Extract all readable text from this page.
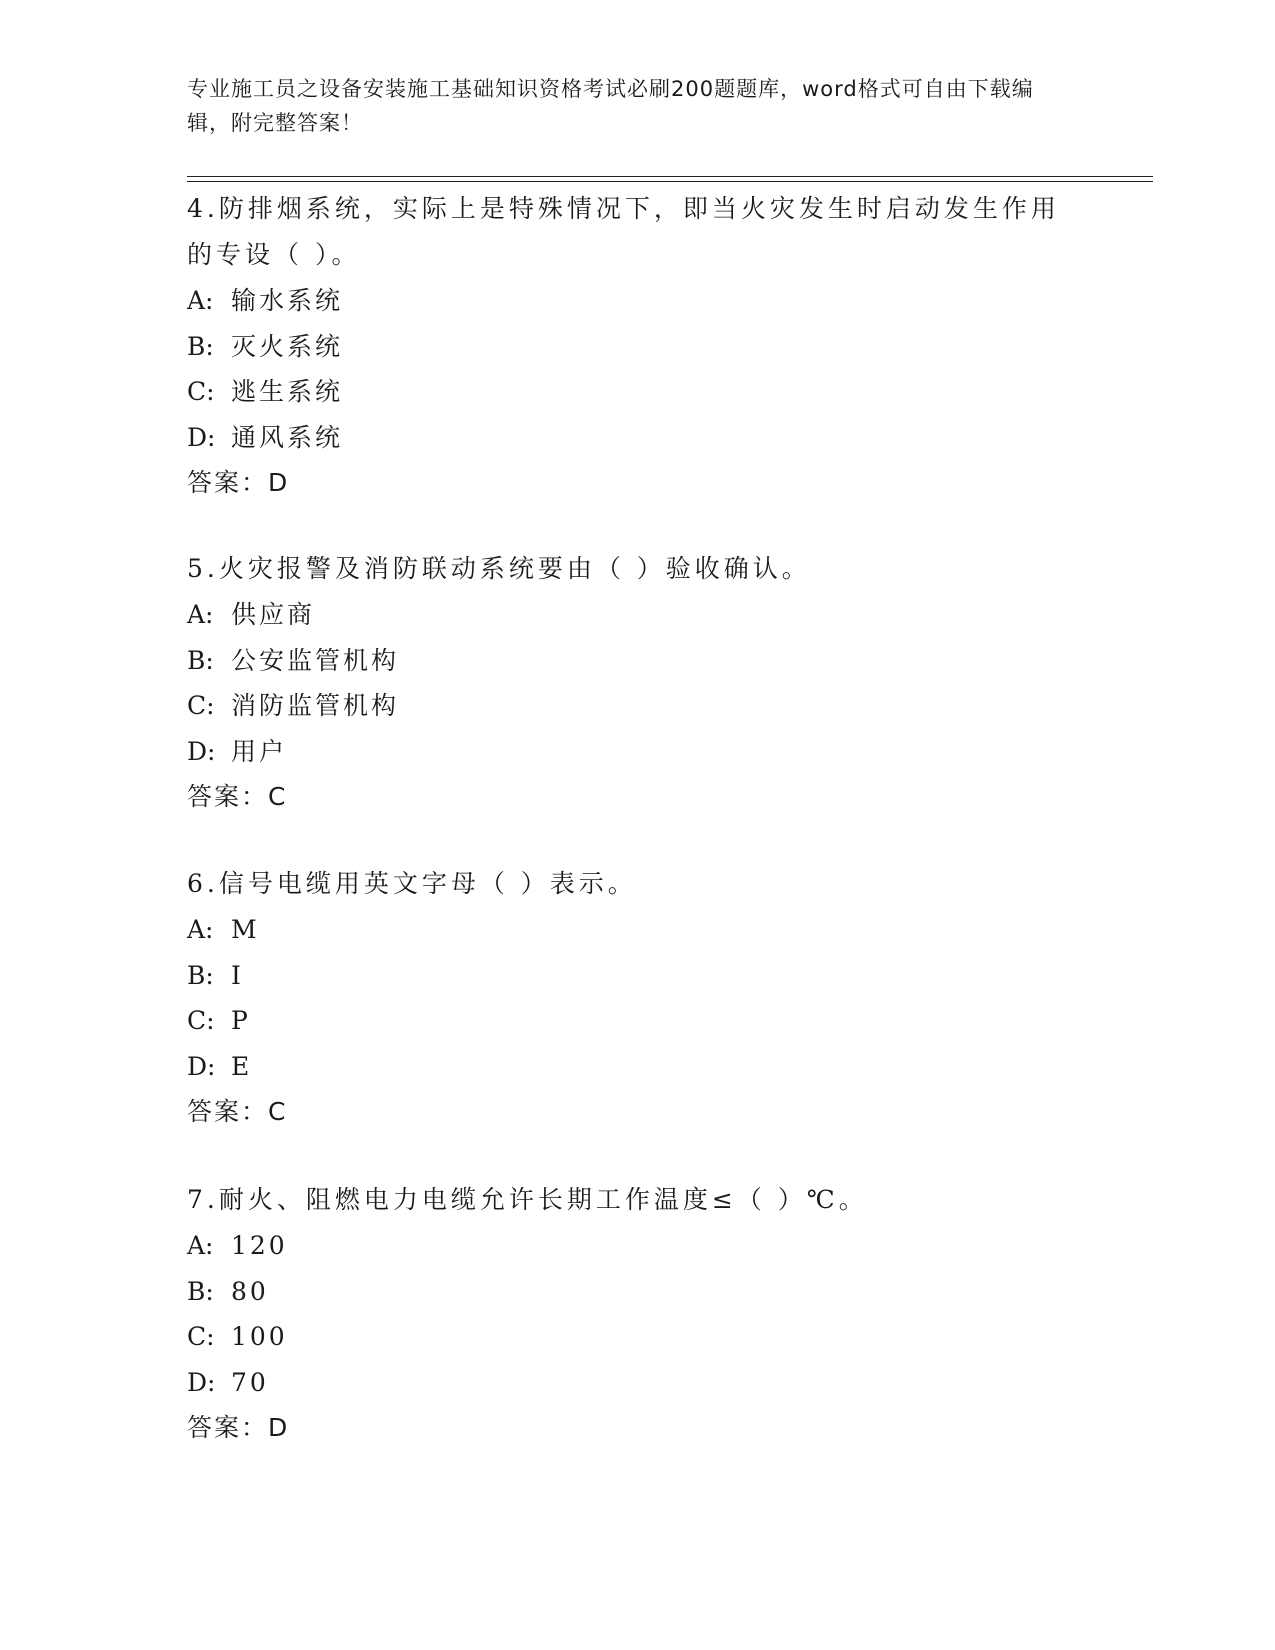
专业施工员之设备安装施工基础知识资格考试必刷200题题库，word格式可自由下载编辑，附完整答案！

4.防排烟系统，实际上是特殊情况下，即当火灾发生时启动发生作用的专设（ ）。

A: 输水系统
B: 灭火系统
C: 逃生系统
D: 通风系统
答案：D

5.火灾报警及消防联动系统要由（ ）验收确认。

A: 供应商
B: 公安监管机构
C: 消防监管机构
D: 用户
答案：C

6.信号电缆用英文字母（ ）表示。

A: M
B: I
C: P
D: E
答案：C

7.耐火、阻燃电力电缆允许长期工作温度≤（ ）℃。

A: 120
B: 80
C: 100
D: 70
答案：D
